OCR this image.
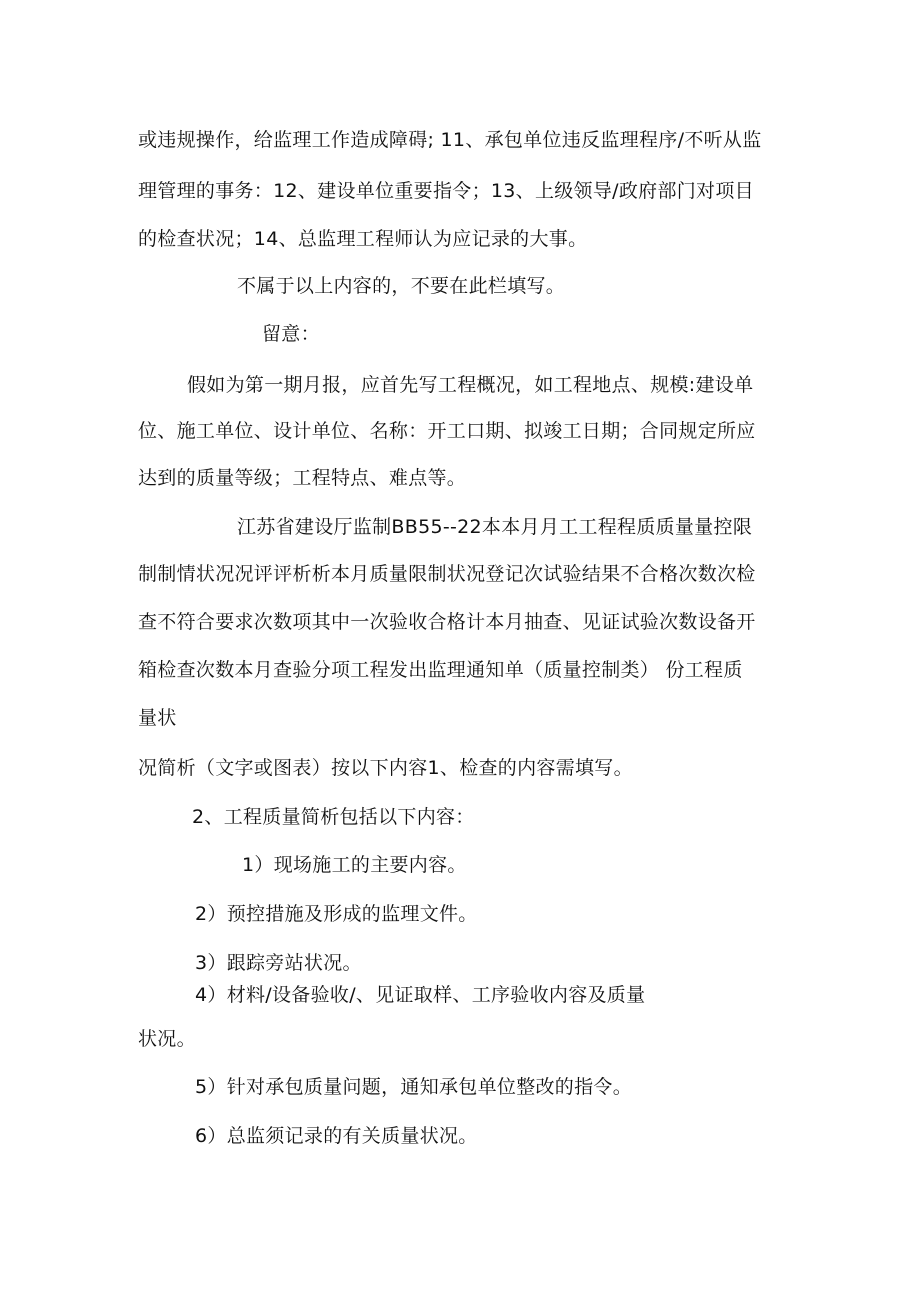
或违规操作，给监理工作造成障碍; 11、承包单位违反监理程序/不听从监
理管理的事务：12、建设单位重要指令；13、上级领导/政府部门对项目
的检查状况；14、总监理工程师认为应记录的大事。
不属于以上内容的，不要在此栏填写。
留意：
假如为第一期月报，应首先写工程概况，如工程地点、规模:建设单
位、施工单位、设计单位、名称：开工口期、拟竣工日期；合同规定所应
达到的质量等级；工程特点、难点等。
江苏省建设厅监制BB55--22本本月月工工程程质质量量控限
制制情状况况评评析析本月质量限制状况登记次试验结果不合格次数次检
查不符合要求次数项其中一次验收合格计本月抽查、见证试验次数设备开
箱检查次数本月查验分项工程发出监理通知单（质量控制类） 份工程质
量状
况简析（文字或图表）按以下内容1、检查的内容需填写。
2、工程质量简析包括以下内容：
1）现场施工的主要内容。
2）预控措施及形成的监理文件。
3）跟踪旁站状况。
4）材料/设备验收/、见证取样、工序验收内容及质量
状况。
5）针对承包质量问题，通知承包单位整改的指令。
6）总监须记录的有关质量状况。
